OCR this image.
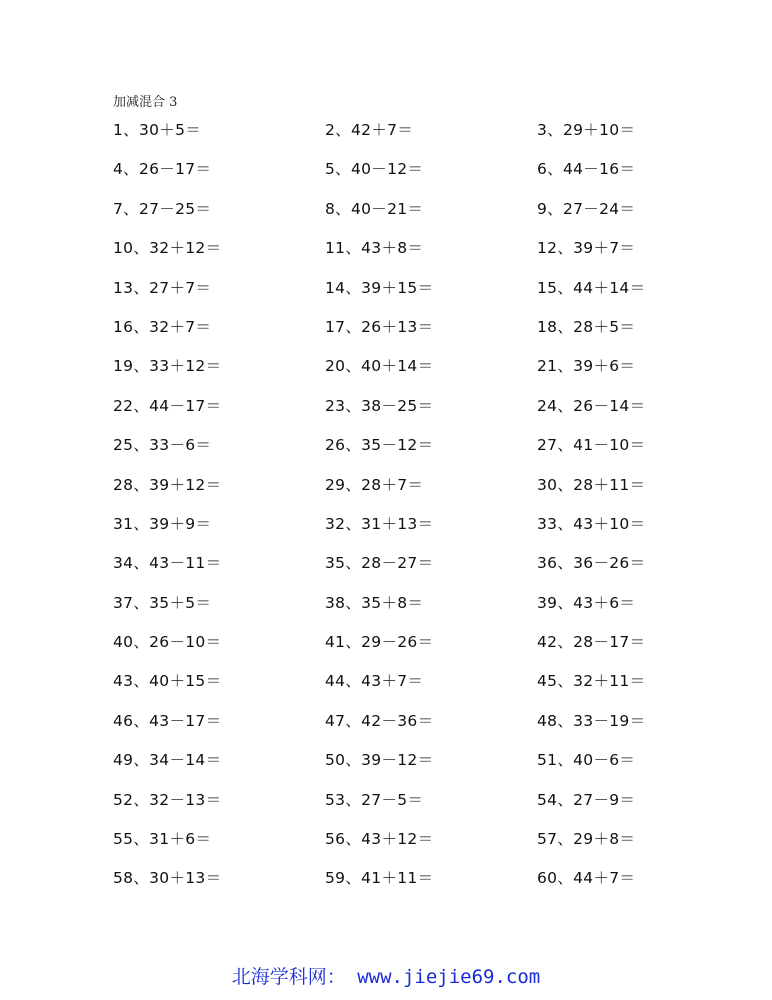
加减混合 3
1、30＋5＝	2、42＋7＝	3、29＋10＝
4、26－17＝	5、40－12＝	6、44－16＝
7、27－25＝	8、40－21＝	9、27－24＝
10、32＋12＝	11、43＋8＝	12、39＋7＝
13、27＋7＝	14、39＋15＝	15、44＋14＝
16、32＋7＝	17、26＋13＝	18、28＋5＝
19、33＋12＝	20、40＋14＝	21、39＋6＝
22、44－17＝	23、38－25＝	24、26－14＝
25、33－6＝	26、35－12＝	27、41－10＝
28、39＋12＝	29、28＋7＝	30、28＋11＝
31、39＋9＝	32、31＋13＝	33、43＋10＝
34、43－11＝	35、28－27＝	36、36－26＝
37、35＋5＝	38、35＋8＝	39、43＋6＝
40、26－10＝	41、29－26＝	42、28－17＝
43、40＋15＝	44、43＋7＝	45、32＋11＝
46、43－17＝	47、42－36＝	48、33－19＝
49、34－14＝	50、39－12＝	51、40－6＝
52、32－13＝	53、27－5＝	54、27－9＝
55、31＋6＝	56、43＋12＝	57、29＋8＝
58、30＋13＝	59、41＋11＝	60、44＋7＝
北海学科网： www.jiejie69.com
